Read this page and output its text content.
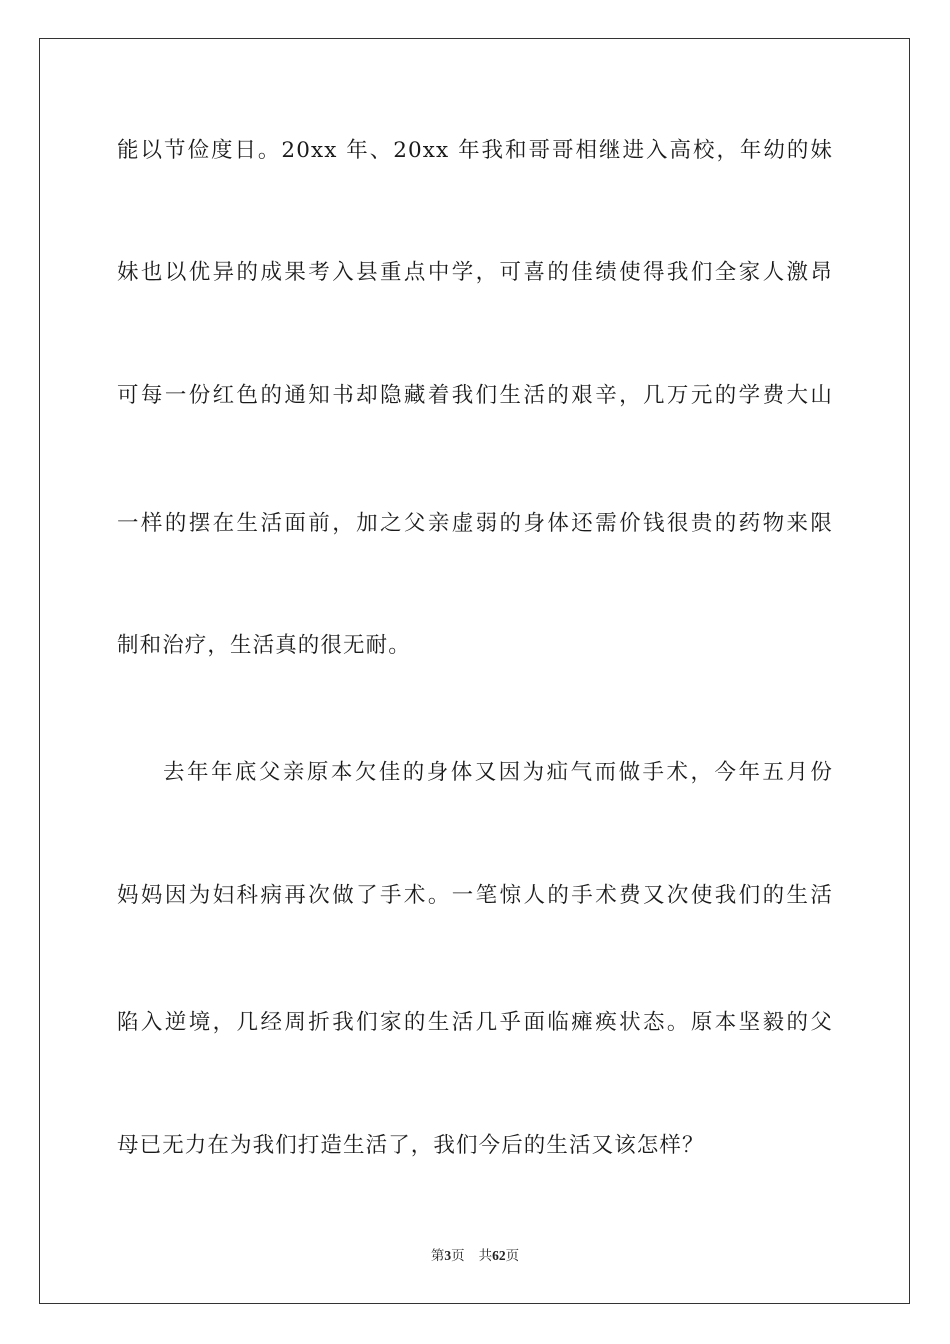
能以节俭度日。20xx 年、20xx 年我和哥哥相继进入高校，年幼的妹
妹也以优异的成果考入县重点中学，可喜的佳绩使得我们全家人激昂
可每一份红色的通知书却隐藏着我们生活的艰辛，几万元的学费大山
一样的摆在生活面前，加之父亲虚弱的身体还需价钱很贵的药物来限
制和治疗，生活真的很无耐。
去年年底父亲原本欠佳的身体又因为疝气而做手术，今年五月份
妈妈因为妇科病再次做了手术。一笔惊人的手术费又次使我们的生活
陷入逆境，几经周折我们家的生活几乎面临瘫痪状态。原本坚毅的父
母已无力在为我们打造生活了，我们今后的生活又该怎样？
第3页 共62页
